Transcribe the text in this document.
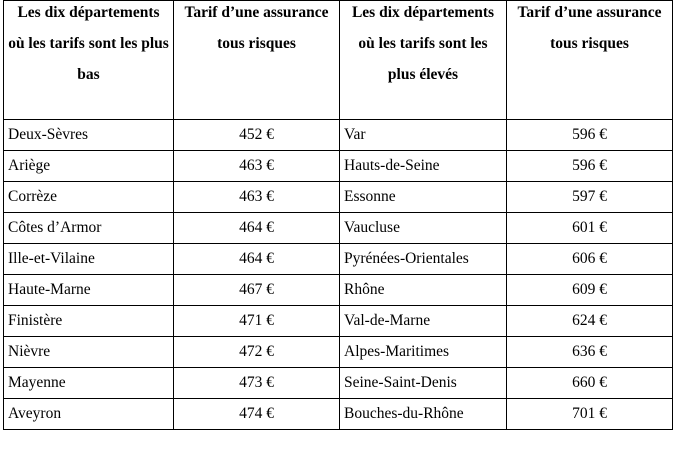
Les dix départements où les tarifs sont les plus bas	Tarif d’une assurance tous risques	Les dix départements où les tarifs sont les plus élevés	Tarif d’une assurance tous risques

Deux-Sèvres	452 €	Var	596 €
Ariège	463 €	Hauts-de-Seine	596 €
Corrèze	463 €	Essonne	597 €
Côtes d’Armor	464 €	Vaucluse	601 €
Ille-et-Vilaine	464 €	Pyrénées-Orientales	606 €
Haute-Marne	467 €	Rhône	609 €
Finistère	471 €	Val-de-Marne	624 €
Nièvre	472 €	Alpes-Maritimes	636 €
Mayenne	473 €	Seine-Saint-Denis	660 €
Aveyron	474 €	Bouches-du-Rhône	701 €
